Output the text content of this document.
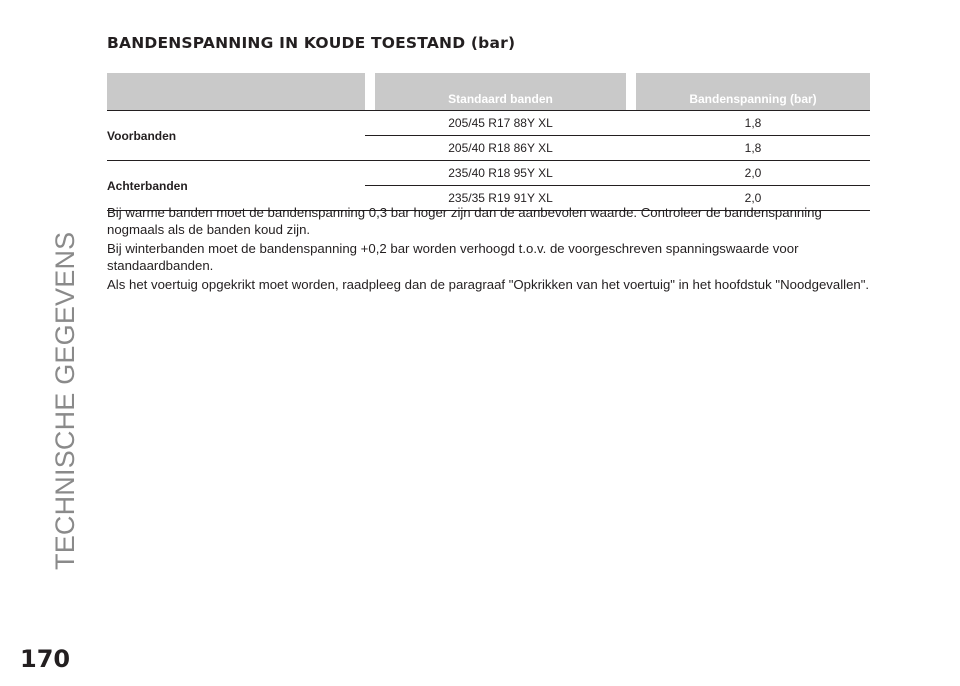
TECHNISCHE GEGEVENS
BANDENSPANNING IN KOUDE TOESTAND (bar)
		Standaard banden		Bandenspanning (bar)
Voorbanden		205/45 R17 88Y XL		1,8
		205/40 R18 86Y XL		1,8
Achterbanden		235/40 R18 95Y XL		2,0
		235/35 R19 91Y XL		2,0

Bij warme banden moet de bandenspanning 0,3 bar hoger zijn dan de aanbevolen waarde. Controleer de bandenspanning nogmaals als de banden koud zijn.

Bij winterbanden moet de bandenspanning +0,2 bar worden verhoogd t.o.v. de voorgeschreven spanningswaarde voor standaardbanden.

Als het voertuig opgekrikt moet worden, raadpleeg dan de paragraaf "Opkrikken van het voertuig" in het hoofdstuk "Noodgevallen".

170
